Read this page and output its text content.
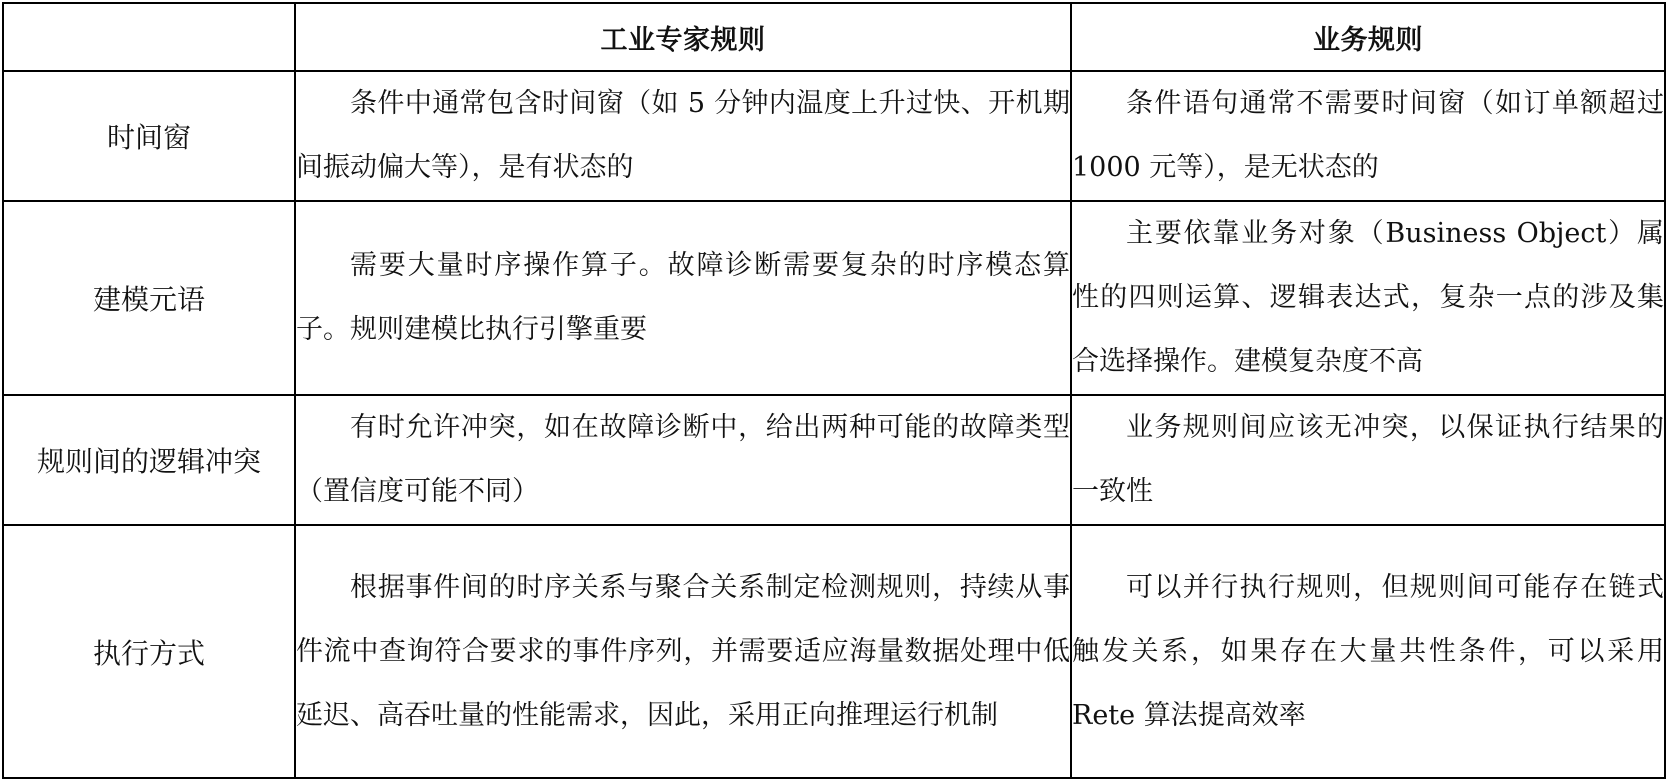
	工业专家规则	业务规则
时间窗	条件中通常包含时间窗（如 5 分钟内温度上升过快、开机期间振动偏大等），是有状态的	条件语句通常不需要时间窗（如订单额超过 1000 元等），是无状态的

建模元语	需要大量时序操作算子。故障诊断需要复杂的时序模态算子。规则建模比执行引擎重要	主要依靠业务对象（Business Object）属性的四则运算、逻辑表达式，复杂一点的涉及集合选择操作。建模复杂度不高

规则间的逻辑冲突	有时允许冲突，如在故障诊断中，给出两种可能的故障类型（置信度可能不同）	业务规则间应该无冲突，以保证执行结果的一致性

执行方式	根据事件间的时序关系与聚合关系制定检测规则，持续从事件流中查询符合要求的事件序列，并需要适应海量数据处理中低延迟、高吞吐量的性能需求，因此，采用正向推理运行机制	可以并行执行规则，但规则间可能存在链式触发关系，如果存在大量共性条件，可以采用 Rete 算法提高效率
